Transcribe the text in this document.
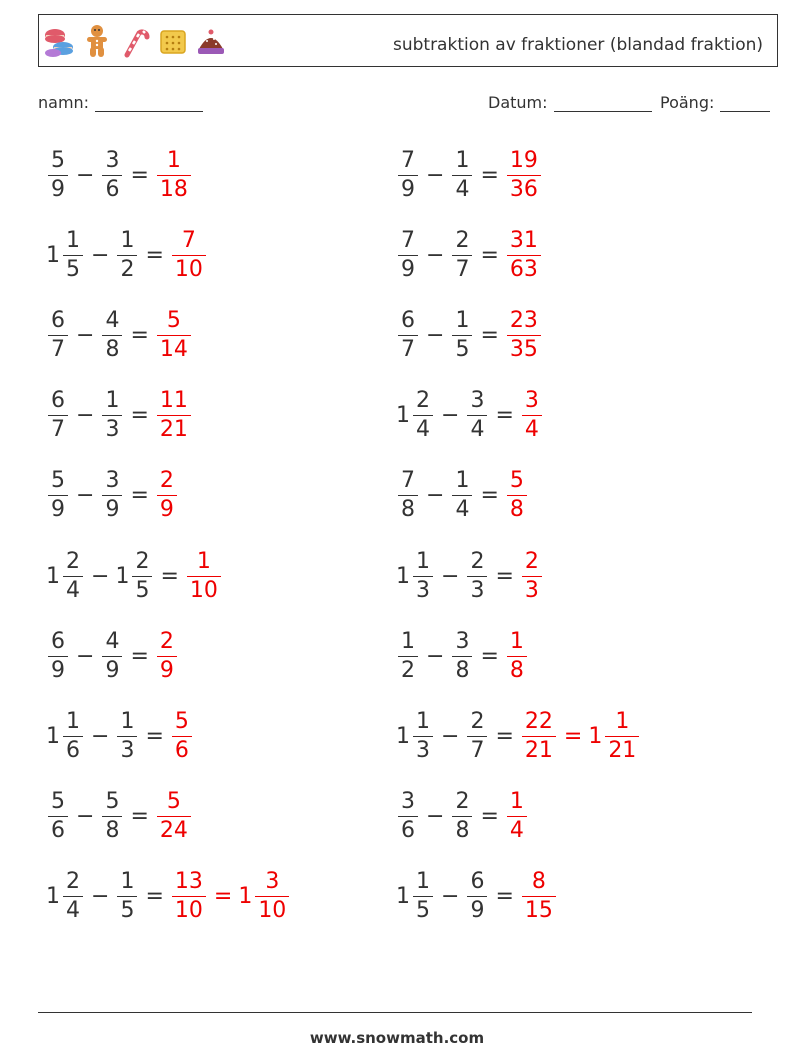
subtraktion av fraktioner (blandad fraktion)
namn:	Datum:	Poäng:
$\frac{5}{9} - \frac{3}{6} = \frac{1}{18}$	$\frac{7}{9} - \frac{1}{4} = \frac{19}{36}$
$1 \frac{1}{5} - \frac{1}{2} = \frac{7}{10}$	$\frac{7}{9} - \frac{2}{7} = \frac{31}{63}$
$\frac{6}{7} - \frac{4}{8} = \frac{5}{14}$	$\frac{6}{7} - \frac{1}{5} = \frac{23}{35}$
$\frac{6}{7} - \frac{1}{3} = \frac{11}{21}$	$1 \frac{2}{4} - \frac{3}{4} = \frac{3}{4}$
$\frac{5}{9} - \frac{3}{9} = \frac{2}{9}$	$\frac{7}{8} - \frac{1}{4} = \frac{5}{8}$
$1 \frac{2}{4} - 1 \frac{2}{5} = \frac{1}{10}$	$1 \frac{1}{3} - \frac{2}{3} = \frac{2}{3}$
$\frac{6}{9} - \frac{4}{9} = \frac{2}{9}$	$\frac{1}{2} - \frac{3}{8} = \frac{1}{8}$
$1 \frac{1}{6} - \frac{1}{3} = \frac{5}{6}$	$1 \frac{1}{3} - \frac{2}{7} = \frac{22}{21} = 1 \frac{1}{21}$
$\frac{5}{6} - \frac{5}{8} = \frac{5}{24}$	$\frac{3}{6} - \frac{2}{8} = \frac{1}{4}$
$1 \frac{2}{4} - \frac{1}{5} = \frac{13}{10} = 1 \frac{3}{10}$	$1 \frac{1}{5} - \frac{6}{9} = \frac{8}{15}$
www.snowmath.com
